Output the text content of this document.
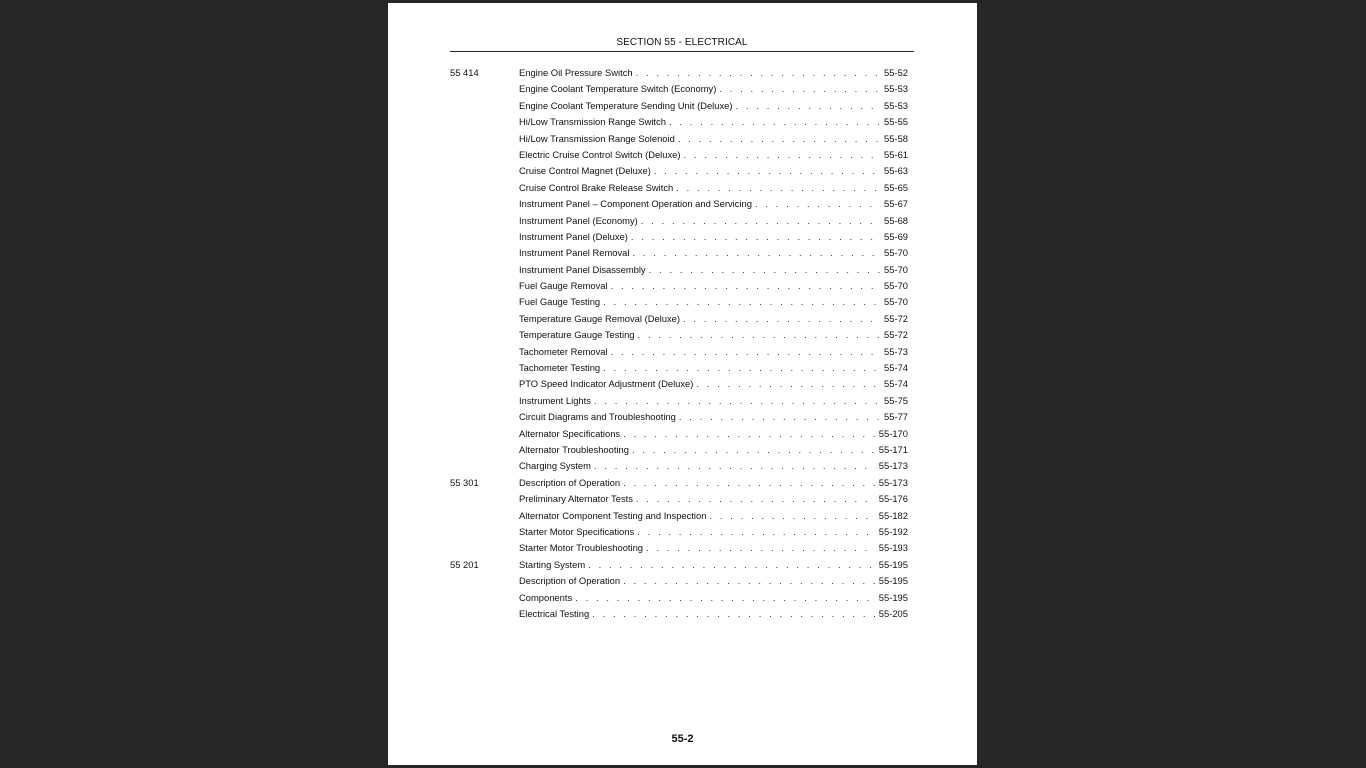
SECTION 55 - ELECTRICAL
55 414	Engine Oil Pressure Switch . . .	55-52
Engine Coolant Temperature Switch (Economy) . . .	55-53
Engine Coolant Temperature Sending Unit (Deluxe) . . .	55-53
Hi/Low Transmission Range Switch . . .	55-55
Hi/Low Transmission Range Solenoid . . .	55-58
Electric Cruise Control Switch (Deluxe) . . .	55-61
Cruise Control Magnet (Deluxe) . . .	55-63
Cruise Control Brake Release Switch . . .	55-65
Instrument Panel – Component Operation and Servicing . . .	55-67
Instrument Panel (Economy) . . .	55-68
Instrument Panel (Deluxe) . . .	55-69
Instrument Panel Removal . . .	55-70
Instrument Panel Disassembly . . .	55-70
Fuel Gauge Removal . . .	55-70
Fuel Gauge Testing . . .	55-70
Temperature Gauge Removal (Deluxe) . . .	55-72
Temperature Gauge Testing . . .	55-72
Tachometer Removal . . .	55-73
Tachometer Testing . . .	55-74
PTO Speed Indicator Adjustment (Deluxe) . . .	55-74
Instrument Lights . . .	55-75
Circuit Diagrams and Troubleshooting . . .	55-77
Alternator Specifications . . .	55-170
Alternator Troubleshooting . . .	55-171
Charging System . . .	55-173
55 301	Description of Operation . . .	55-173
Preliminary Alternator Tests . . .	55-176
Alternator Component Testing and Inspection . . .	55-182
Starter Motor Specifications . . .	55-192
Starter Motor Troubleshooting . . .	55-193
55 201	Starting System . . .	55-195
Description of Operation . . .	55-195
Components . . .	55-195
Electrical Testing . . .	55-205
55-2
